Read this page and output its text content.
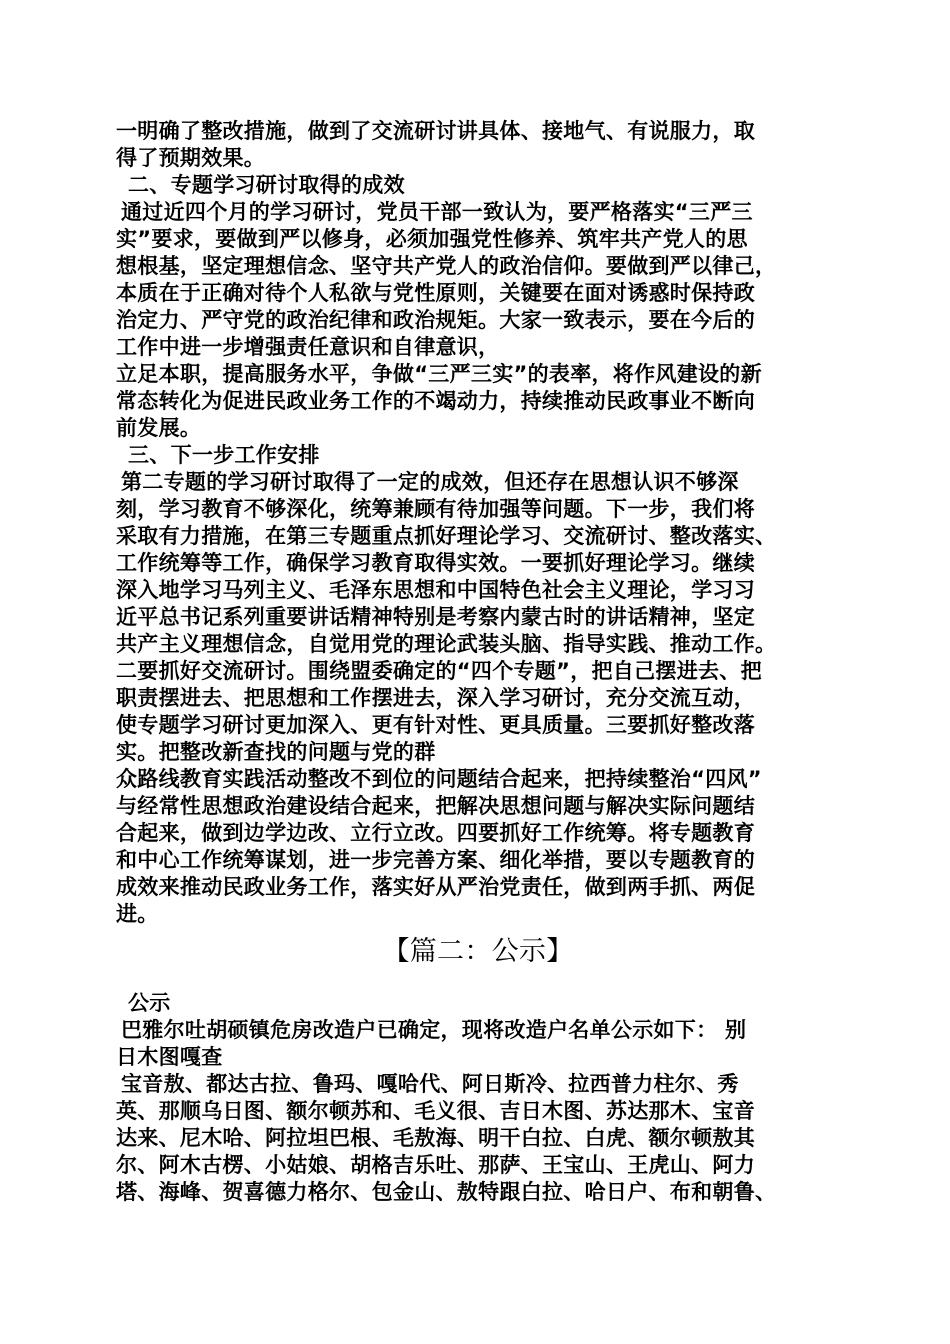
一明确了整改措施，做到了交流研讨讲具体、接地气、有说服力，取
得了预期效果。
二、专题学习研讨取得的成效
通过近四个月的学习研讨，党员干部一致认为，要严格落实“三严三
实”要求，要做到严以修身，必须加强党性修养、筑牢共产党人的思
想根基，坚定理想信念、坚守共产党人的政治信仰。要做到严以律己，
本质在于正确对待个人私欲与党性原则，关键要在面对诱惑时保持政
治定力、严守党的政治纪律和政治规矩。大家一致表示，要在今后的
工作中进一步增强责任意识和自律意识，
立足本职，提高服务水平，争做“三严三实”的表率，将作风建设的新
常态转化为促进民政业务工作的不竭动力，持续推动民政事业不断向
前发展。
三、下一步工作安排
第二专题的学习研讨取得了一定的成效，但还存在思想认识不够深
刻，学习教育不够深化，统筹兼顾有待加强等问题。下一步，我们将
采取有力措施，在第三专题重点抓好理论学习、交流研讨、整改落实、
工作统筹等工作，确保学习教育取得实效。一要抓好理论学习。继续
深入地学习马列主义、毛泽东思想和中国特色社会主义理论，学习习
近平总书记系列重要讲话精神特别是考察内蒙古时的讲话精神，坚定
共产主义理想信念，自觉用党的理论武装头脑、指导实践、推动工作。
二要抓好交流研讨。围绕盟委确定的“四个专题”，把自己摆进去、把
职责摆进去、把思想和工作摆进去，深入学习研讨，充分交流互动，
使专题学习研讨更加深入、更有针对性、更具质量。三要抓好整改落
实。把整改新查找的问题与党的群
众路线教育实践活动整改不到位的问题结合起来，把持续整治“四风”
与经常性思想政治建设结合起来，把解决思想问题与解决实际问题结
合起来，做到边学边改、立行立改。四要抓好工作统筹。将专题教育
和中心工作统筹谋划，进一步完善方案、细化举措，要以专题教育的
成效来推动民政业务工作，落实好从严治党责任，做到两手抓、两促
进。
【篇二：公示】
公示
巴雅尔吐胡硕镇危房改造户已确定，现将改造户名单公示如下： 别
日木图嘎查
宝音敖、都达古拉、鲁玛、嘎哈代、阿日斯冷、拉西普力柱尔、秀
英、那顺乌日图、额尔顿苏和、毛义很、吉日木图、苏达那木、宝音
达来、尼木哈、阿拉坦巴根、毛敖海、明干白拉、白虎、额尔顿敖其
尔、阿木古楞、小姑娘、胡格吉乐吐、那萨、王宝山、王虎山、阿力
塔、海峰、贺喜德力格尔、包金山、敖特跟白拉、哈日户、布和朝鲁、
